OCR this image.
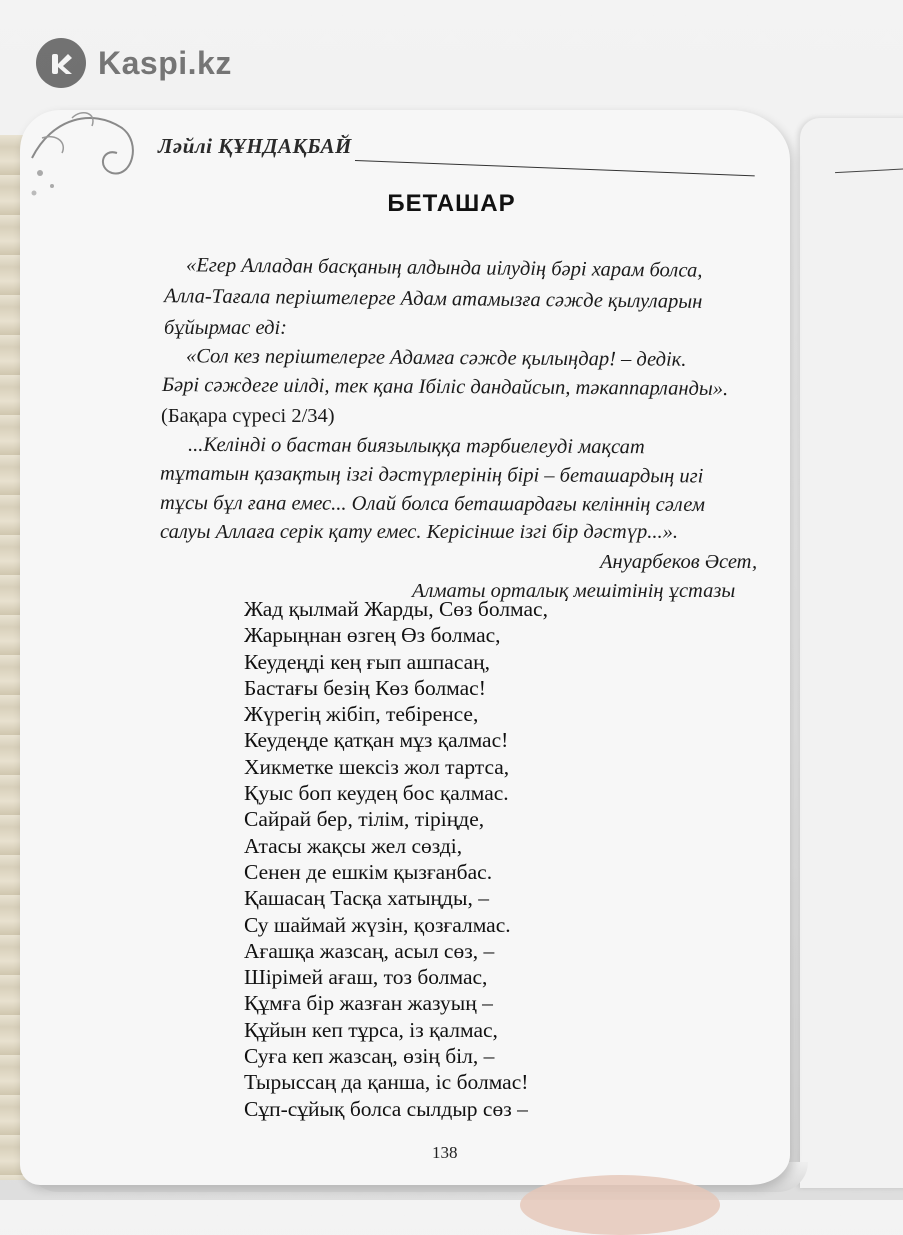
Kaspi.kz
Ләйлі ҚҰНДАҚБАЙ
БЕТАШАР
«Егер Алладан басқаның алдында иілудің бәрі харам болса,
Алла-Тағала періштелерге Адам атамызға сәжде қылуларын
бұйырмас еді:
«Сол кез періштелерге Адамға сәжде қылыңдар! – дедік.
Бәрі сәждеге иілді, тек қана Ібіліс дандайсып, тәкаппарланды».
(Бақара сүресі 2/34)
...Келінді о бастан биязылыққа тәрбиелеуді мақсат
тұтатын қазақтың ізгі дәстүрлерінің бірі – беташардың игі
тұсы бұл ғана емес... Олай болса беташардағы келіннің сәлем
салуы Аллаға серік қату емес. Керісінше ізгі бір дәстүр...».
Ануарбеков Әсет,
Алматы орталық мешітінің ұстазы
Жад қылмай Жарды, Сөз болмас,
Жарыңнан өзгең Өз болмас,
Кеудеңді кең ғып ашпасаң,
Бастағы безің Көз болмас!
Жүрегің жібіп, тебіренсе,
Кеудеңде қатқан мұз қалмас!
Хикметке шексіз жол тартса,
Қуыс боп кеудең бос қалмас.
Сайрай бер, тілім, тірiңде,
Атасы жақсы жел сөзді,
Сенен де ешкім қызғанбас.
Қашасаң Тасқа хатыңды, –
Су шаймай жүзін, қозғалмас.
Ағашқа жазсаң, асыл сөз, –
Шірімей ағаш, тоз болмас,
Құмға бір жазған жазуың –
Құйын кеп тұрса, із қалмас,
Суға кеп жазсаң, өзің біл, –
Тырыссаң да қанша, іс болмас!
Сұп-сұйық болса сылдыр сөз –
138
